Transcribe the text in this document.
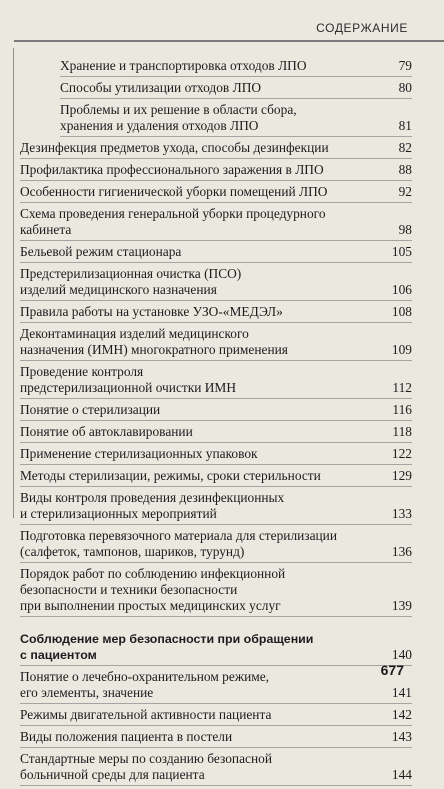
СОДЕРЖАНИЕ
Хранение и транспортировка отходов ЛПО	79
Способы утилизации отходов ЛПО	80
Проблемы и их решение в области сбора,
хранения и удаления отходов ЛПО	81
Дезинфекция предметов ухода, способы дезинфекции	82
Профилактика профессионального заражения в ЛПО	88
Особенности гигиенической уборки помещений ЛПО	92
Схема проведения генеральной уборки процедурного
кабинета	98
Бельевой режим стационара	105
Предстерилизационная очистка (ПСО)
изделий медицинского назначения	106
Правила работы на установке УЗО-«МЕДЭЛ»	108
Деконтаминация изделий медицинского
назначения (ИМН) многократного применения	109
Проведение контроля
предстерилизационной очистки ИМН	112
Понятие о стерилизации	116
Понятие об автоклавировании	118
Применение стерилизационных упаковок	122
Методы стерилизации, режимы, сроки стерильности	129
Виды контроля проведения дезинфекционных
и стерилизационных мероприятий	133
Подготовка перевязочного материала для стерилизации
(салфеток, тампонов, шариков, турунд)	136
Порядок работ по соблюдению инфекционной
безопасности и техники безопасности
при выполнении простых медицинских услуг	139
Соблюдение мер безопасности при обращении
с пациентом	140
Понятие о лечебно-охранительном режиме,
его элементы, значение	141
Режимы двигательной активности пациента	142
Виды положения пациента в постели	143
Стандартные меры по созданию безопасной
больничной среды для пациента	144
677
